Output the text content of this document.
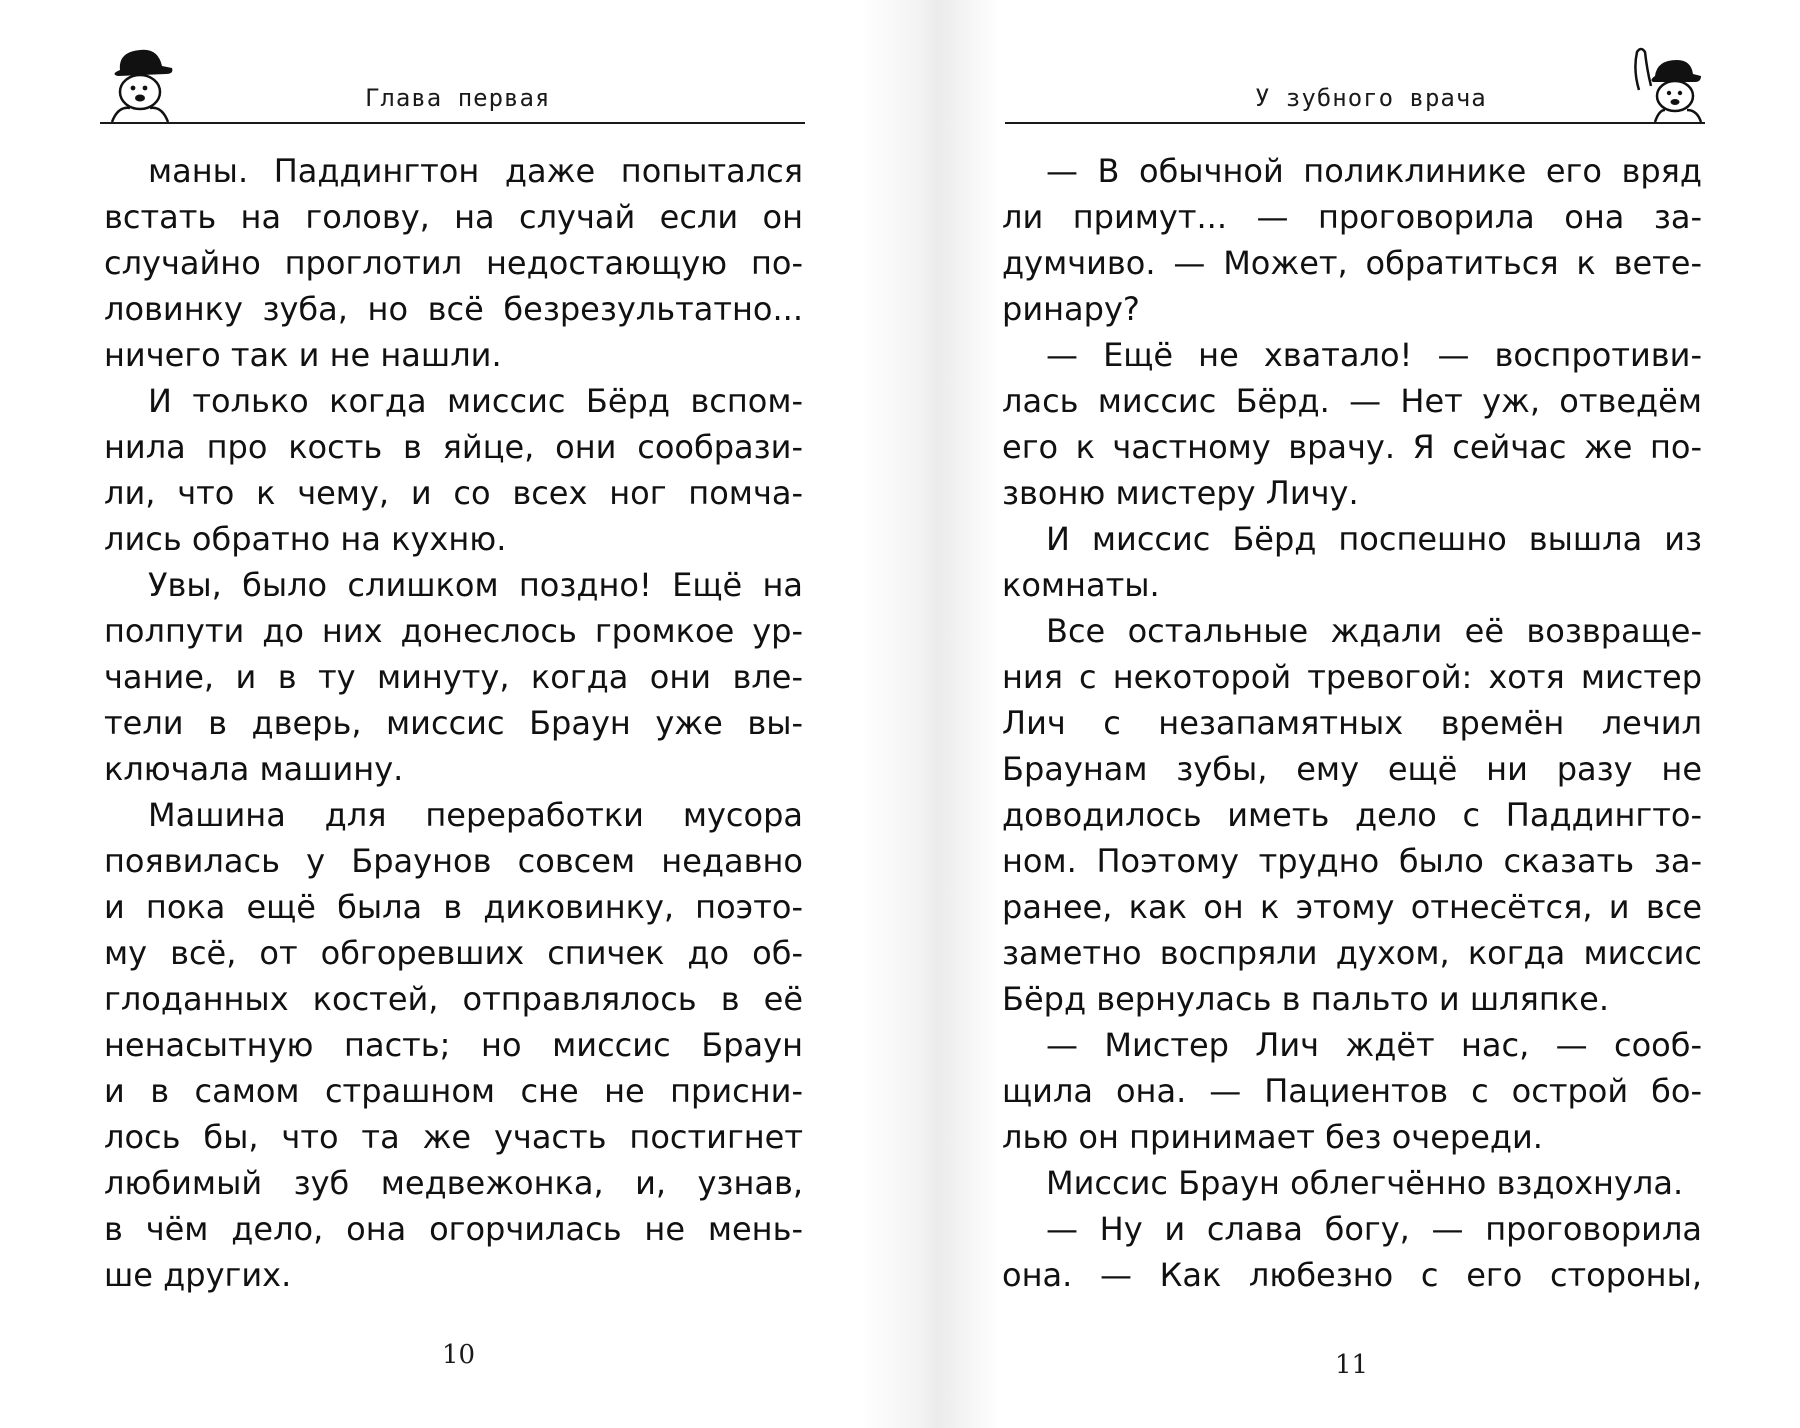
Глава первая
маны. Паддингтон даже попытался
встать на голову, на случай если он
случайно проглотил недостающую по-
ловинку зуба, но всё безрезультатно...
ничего так и не нашли.
И только когда миссис Бёрд вспом-
нила про кость в яйце, они сообрази-
ли, что к чему, и со всех ног помча-
лись обратно на кухню.
Увы, было слишком поздно! Ещё на
полпути до них донеслось громкое ур-
чание, и в ту минуту, когда они вле-
тели в дверь, миссис Браун уже вы-
ключала машину.
Машина для переработки мусора
появилась у Браунов совсем недавно
и пока ещё была в диковинку, поэто-
му всё, от обгоревших спичек до об-
глоданных костей, отправлялось в её
ненасытную пасть; но миссис Браун
и в самом страшном сне не присни-
лось бы, что та же участь постигнет
любимый зуб медвежонка, и, узнав,
в чём дело, она огорчилась не мень-
ше других.
10
У зубного врача
— В обычной поликлинике его вряд
ли примут... — проговорила она за-
думчиво. — Может, обратиться к вете-
ринару?
— Ещё не хватало! — воспротиви-
лась миссис Бёрд. — Нет уж, отведём
его к частному врачу. Я сейчас же по-
звоню мистеру Личу.
И миссис Бёрд поспешно вышла из
комнаты.
Все остальные ждали её возвраще-
ния с некоторой тревогой: хотя мистер
Лич с незапамятных времён лечил
Браунам зубы, ему ещё ни разу не
доводилось иметь дело с Паддингто-
ном. Поэтому трудно было сказать за-
ранее, как он к этому отнесётся, и все
заметно воспряли духом, когда миссис
Бёрд вернулась в пальто и шляпке.
— Мистер Лич ждёт нас, — сооб-
щила она. — Пациентов с острой бо-
лью он принимает без очереди.
Миссис Браун облегчённо вздохнула.
— Ну и слава богу, — проговорила
она. — Как любезно с его стороны,
11
